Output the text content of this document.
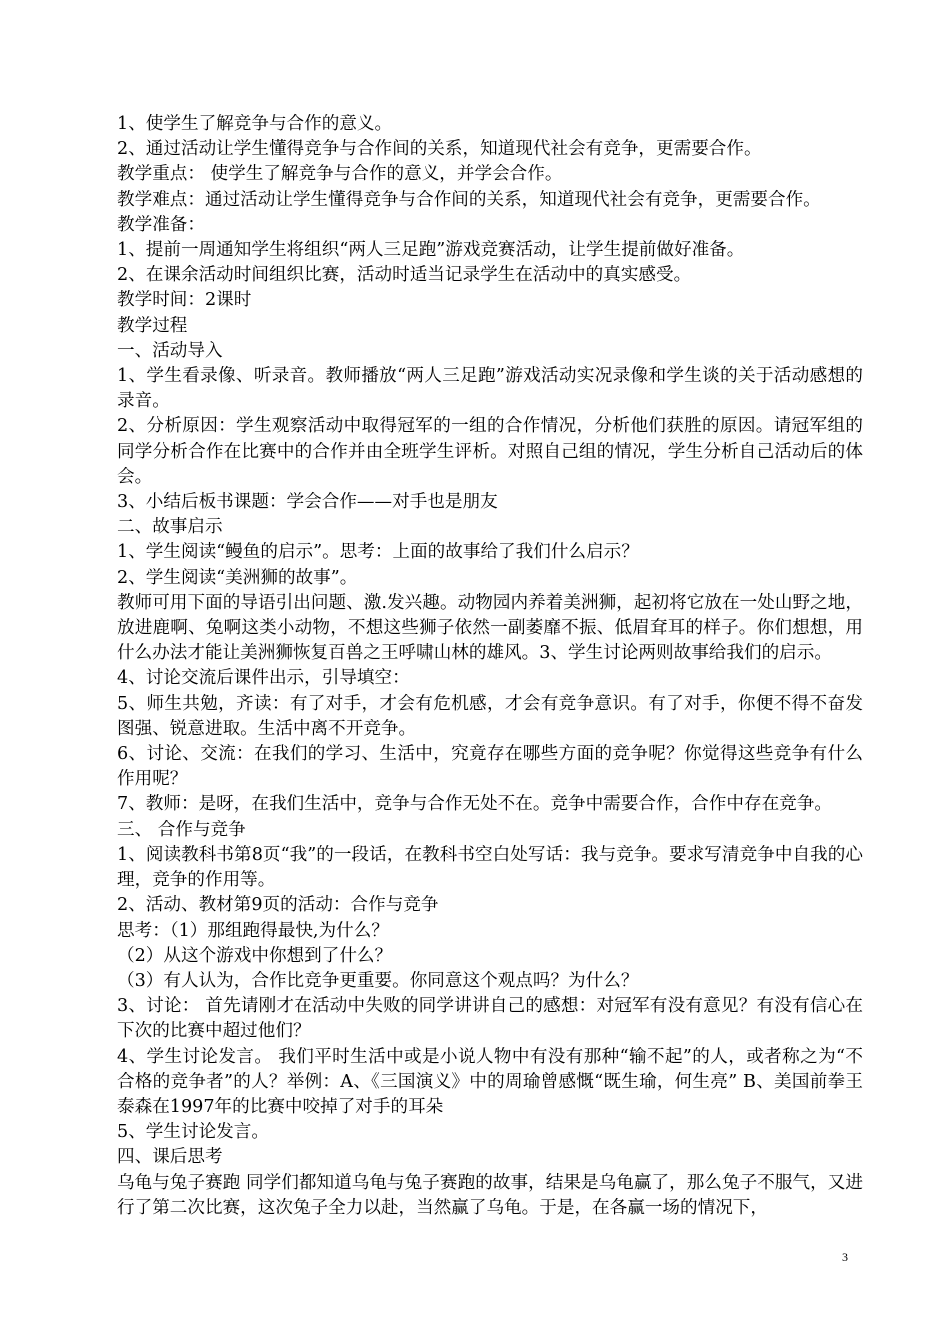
1、使学生了解竞争与合作的意义。

2、通过活动让学生懂得竞争与合作间的关系，知道现代社会有竞争，更需要合作。

教学重点： 使学生了解竞争与合作的意义，并学会合作。

教学难点：通过活动让学生懂得竞争与合作间的关系，知道现代社会有竞争，更需要合作。

教学准备：

1、提前一周通知学生将组织“两人三足跑”游戏竞赛活动，让学生提前做好准备。

2、在课余活动时间组织比赛，活动时适当记录学生在活动中的真实感受。

教学时间：2课时

教学过程

一、活动导入

1、学生看录像、听录音。教师播放“两人三足跑”游戏活动实况录像和学生谈的关于活动感想的录音。

2、分析原因：学生观察活动中取得冠军的一组的合作情况，分析他们获胜的原因。请冠军组的同学分析合作在比赛中的合作并由全班学生评析。对照自己组的情况，学生分析自己活动后的体会。

3、小结后板书课题：学会合作——对手也是朋友

二、故事启示

1、学生阅读“鳗鱼的启示”。思考：上面的故事给了我们什么启示？

2、学生阅读“美洲狮的故事”。

教师可用下面的导语引出问题、激.发兴趣。动物园内养着美洲狮，起初将它放在一处山野之地，放进鹿啊、兔啊这类小动物，不想这些狮子依然一副萎靡不振、低眉耷耳的样子。你们想想，用什么办法才能让美洲狮恢复百兽之王呼啸山林的雄风。3、学生讨论两则故事给我们的启示。

4、讨论交流后课件出示，引导填空：

5、师生共勉，齐读：有了对手，才会有危机感，才会有竞争意识。有了对手，你便不得不奋发图强、锐意进取。生活中离不开竞争。

6、讨论、交流：在我们的学习、生活中，究竟存在哪些方面的竞争呢？你觉得这些竞争有什么作用呢？

7、教师：是呀，在我们生活中，竞争与合作无处不在。竞争中需要合作，合作中存在竞争。

三、 合作与竞争

1、阅读教科书第8页“我”的一段话，在教科书空白处写话：我与竞争。要求写清竞争中自我的心理，竞争的作用等。

2、活动、教材第9页的活动：合作与竞争

思考：（1）那组跑得最快,为什么？

（2）从这个游戏中你想到了什么？

（3）有人认为，合作比竞争更重要。你同意这个观点吗？为什么？

3、讨论： 首先请刚才在活动中失败的同学讲讲自己的感想：对冠军有没有意见？有没有信心在下次的比赛中超过他们？

4、学生讨论发言。 我们平时生活中或是小说人物中有没有那种“输不起”的人，或者称之为“不合格的竞争者”的人？举例：A、《三国演义》中的周瑜曾感慨“既生瑜，何生亮” B、美国前拳王泰森在1997年的比赛中咬掉了对手的耳朵

5、学生讨论发言。

四、课后思考

乌龟与兔子赛跑 同学们都知道乌龟与兔子赛跑的故事，结果是乌龟赢了，那么兔子不服气，又进行了第二次比赛，这次兔子全力以赴，当然赢了乌龟。于是，在各赢一场的情况下，

3
